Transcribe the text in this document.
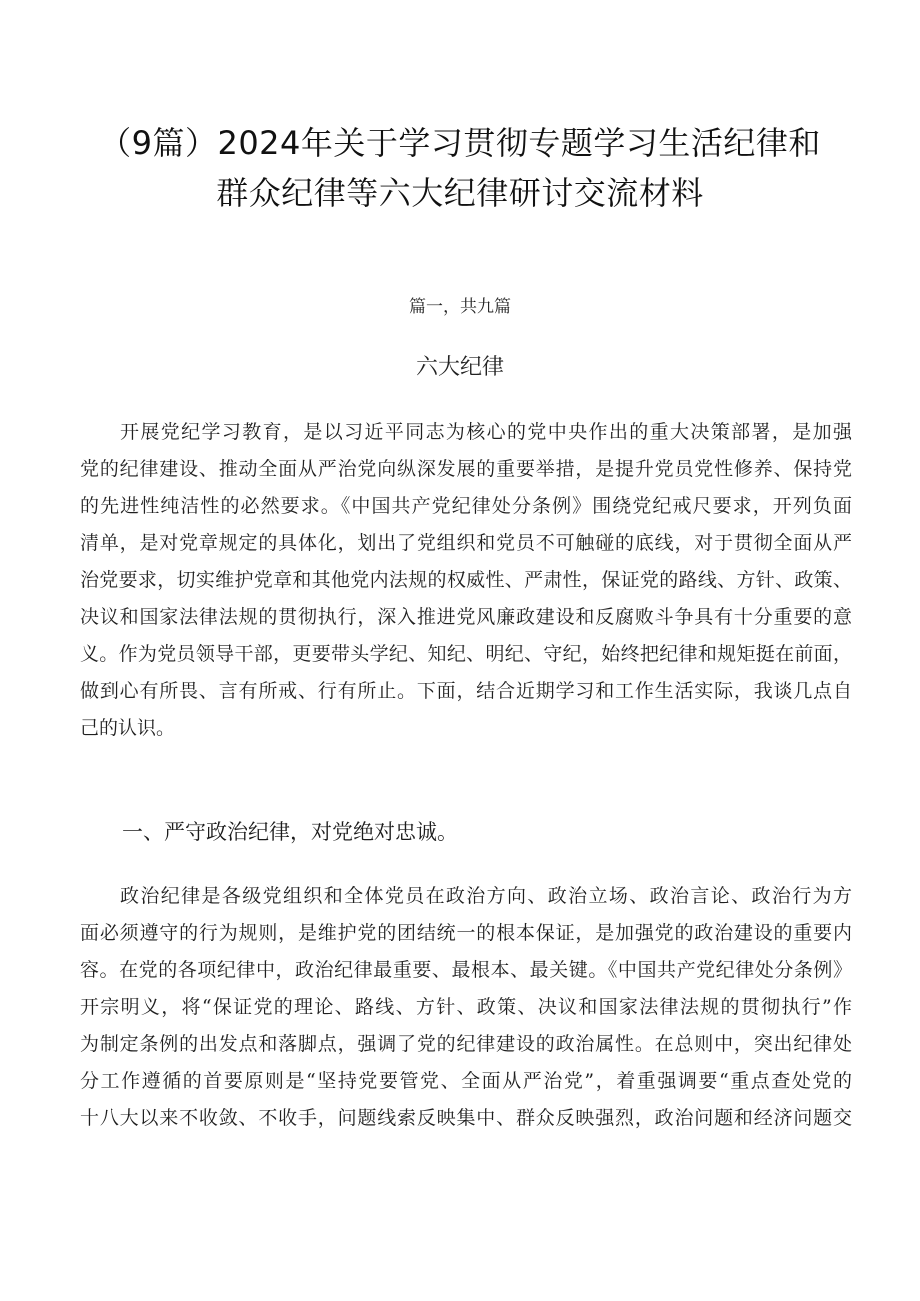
（9篇）2024年关于学习贯彻专题学习生活纪律和
群众纪律等六大纪律研讨交流材料
篇一，共九篇
六大纪律
开展党纪学习教育，是以习近平同志为核心的党中央作出的重大决策部署，是加强
党的纪律建设、推动全面从严治党向纵深发展的重要举措，是提升党员党性修养、保持党
的先进性纯洁性的必然要求。《中国共产党纪律处分条例》围绕党纪戒尺要求，开列负面
清单，是对党章规定的具体化，划出了党组织和党员不可触碰的底线，对于贯彻全面从严
治党要求，切实维护党章和其他党内法规的权威性、严肃性，保证党的路线、方针、政策、
决议和国家法律法规的贯彻执行，深入推进党风廉政建设和反腐败斗争具有十分重要的意
义。作为党员领导干部，更要带头学纪、知纪、明纪、守纪，始终把纪律和规矩挺在前面，
做到心有所畏、言有所戒、行有所止。下面，结合近期学习和工作生活实际，我谈几点自
己的认识。
一、严守政治纪律，对党绝对忠诚。
政治纪律是各级党组织和全体党员在政治方向、政治立场、政治言论、政治行为方
面必须遵守的行为规则，是维护党的团结统一的根本保证，是加强党的政治建设的重要内
容。在党的各项纪律中，政治纪律最重要、最根本、最关键。《中国共产党纪律处分条例》
开宗明义，将“保证党的理论、路线、方针、政策、决议和国家法律法规的贯彻执行”作
为制定条例的出发点和落脚点，强调了党的纪律建设的政治属性。在总则中，突出纪律处
分工作遵循的首要原则是“坚持党要管党、全面从严治党”，着重强调要“重点查处党的
十八大以来不收敛、不收手，问题线索反映集中、群众反映强烈，政治问题和经济问题交
